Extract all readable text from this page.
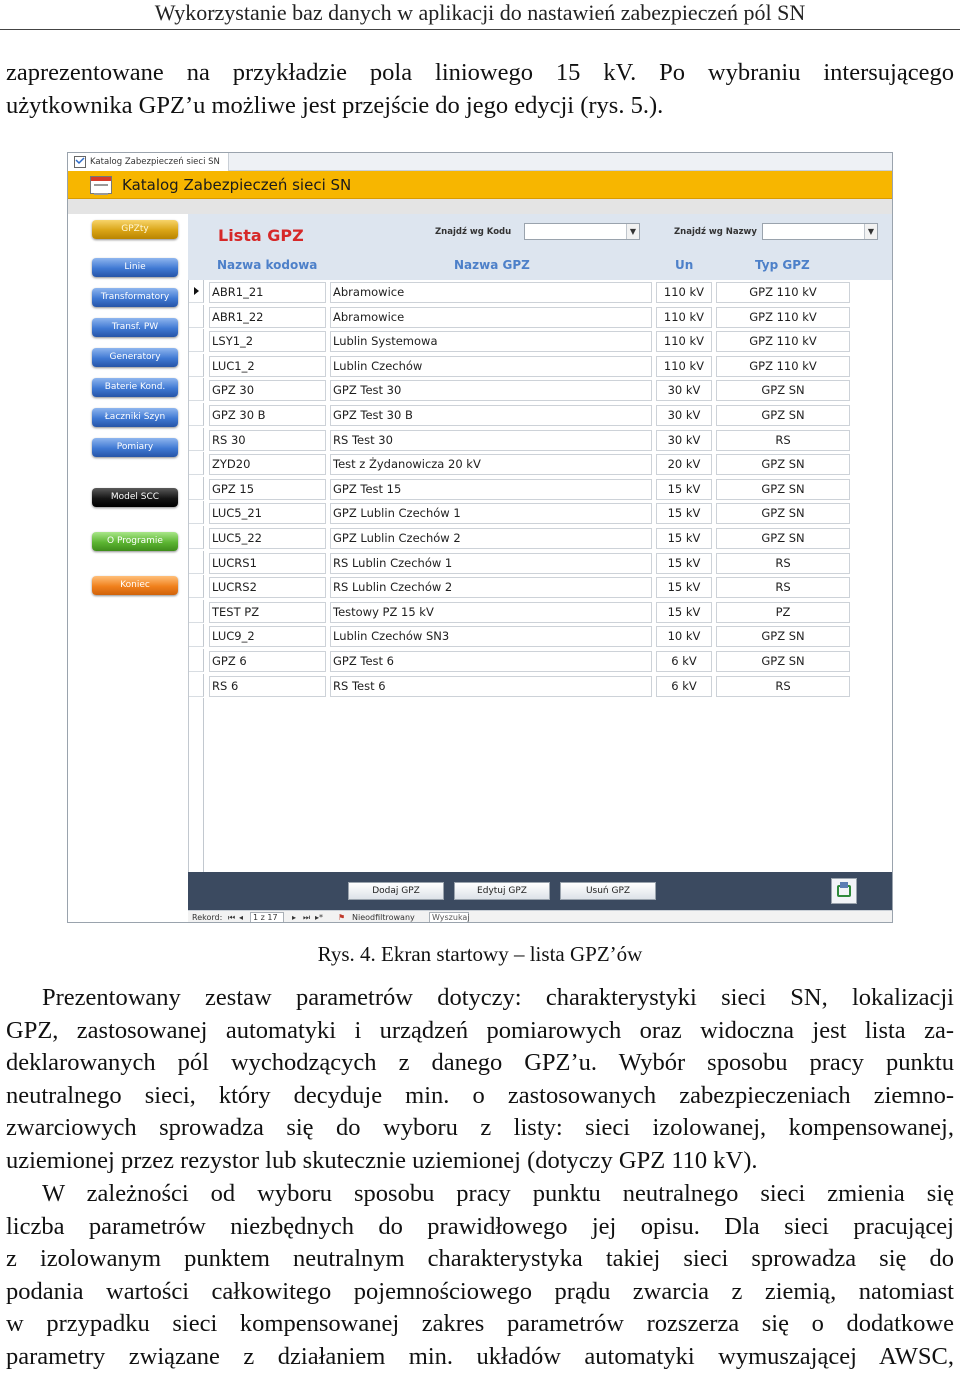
Wykorzystanie baz danych w aplikacji do nastawień zabezpieczeń pól SN
zaprezentowane na przykładzie pola liniowego 15 kV. Po wybraniu intersującego
użytkownika GPZ’u możliwe jest przejście do jego edycji (rys. 5.).
Katalog Zabezpieczeń sieci SN
Katalog Zabezpieczeń sieci SN
GPZty
Linie
Transformatory
Transf. PW
Generatory
Baterie Kond.
Łaczniki Szyn
Pomiary
Model SCC
O Programie
Koniec
Lista GPZ	Znajdź wg Kodu	▼	Znajdź wg Nazwy	▼
Nazwa kodowa	Nazwa GPZ	Un	Typ GPZ
ABR1_21	Abramowice	110 kV	GPZ 110 kV
ABR1_22	Abramowice	110 kV	GPZ 110 kV
LSY1_2	Lublin Systemowa	110 kV	GPZ 110 kV
LUC1_2	Lublin Czechów	110 kV	GPZ 110 kV
GPZ 30	GPZ Test 30	30 kV	GPZ SN
GPZ 30 B	GPZ Test 30 B	30 kV	GPZ SN
RS 30	RS Test 30	30 kV	RS
ZYD20	Test z Żydanowicza 20 kV	20 kV	GPZ SN
GPZ 15	GPZ Test 15	15 kV	GPZ SN
LUC5_21	GPZ Lublin Czechów 1	15 kV	GPZ SN
LUC5_22	GPZ Lublin Czechów 2	15 kV	GPZ SN
LUCRS1	RS Lublin Czechów 1	15 kV	RS
LUCRS2	RS Lublin Czechów 2	15 kV	RS
TEST PZ	Testowy PZ 15 kV	15 kV	PZ
LUC9_2	Lublin Czechów SN3	10 kV	GPZ SN
GPZ 6	GPZ Test 6	6 kV	GPZ SN
RS 6	RS Test 6	6 kV	RS
Dodaj GPZ	Edytuj GPZ	Usuń GPZ
Rekord: ⏮ ◂	1 z 17	▸ ⏭ ▸* ⚑ Nieodfiltrowany	Wyszukaj
Rys. 4. Ekran startowy – lista GPZ’ów
Prezentowany zestaw parametrów dotyczy: charakterystyki sieci SN, lokalizacji
GPZ, zastosowanej automatyki i urządzeń pomiarowych oraz widoczna jest lista za-
deklarowanych pól wychodzących z danego GPZ’u. Wybór sposobu pracy punktu
neutralnego sieci, który decyduje min. o zastosowanych zabezpieczeniach ziemno-
zwarciowych sprowadza się do wyboru z listy: sieci izolowanej, kompensowanej,
uziemionej przez rezystor lub skutecznie uziemionej (dotyczy GPZ 110 kV).
W zależności od wyboru sposobu pracy punktu neutralnego sieci zmienia się
liczba parametrów niezbędnych do prawidłowego jej opisu. Dla sieci pracującej
z izolowanym punktem neutralnym charakterystyka takiej sieci sprowadza się do
podania wartości całkowitego pojemnościowego prądu zwarcia z ziemią, natomiast
w przypadku sieci kompensowanej zakres parametrów rozszerza się o dodatkowe
parametry związane z działaniem min. układów automatyki wymuszającej AWSC,
